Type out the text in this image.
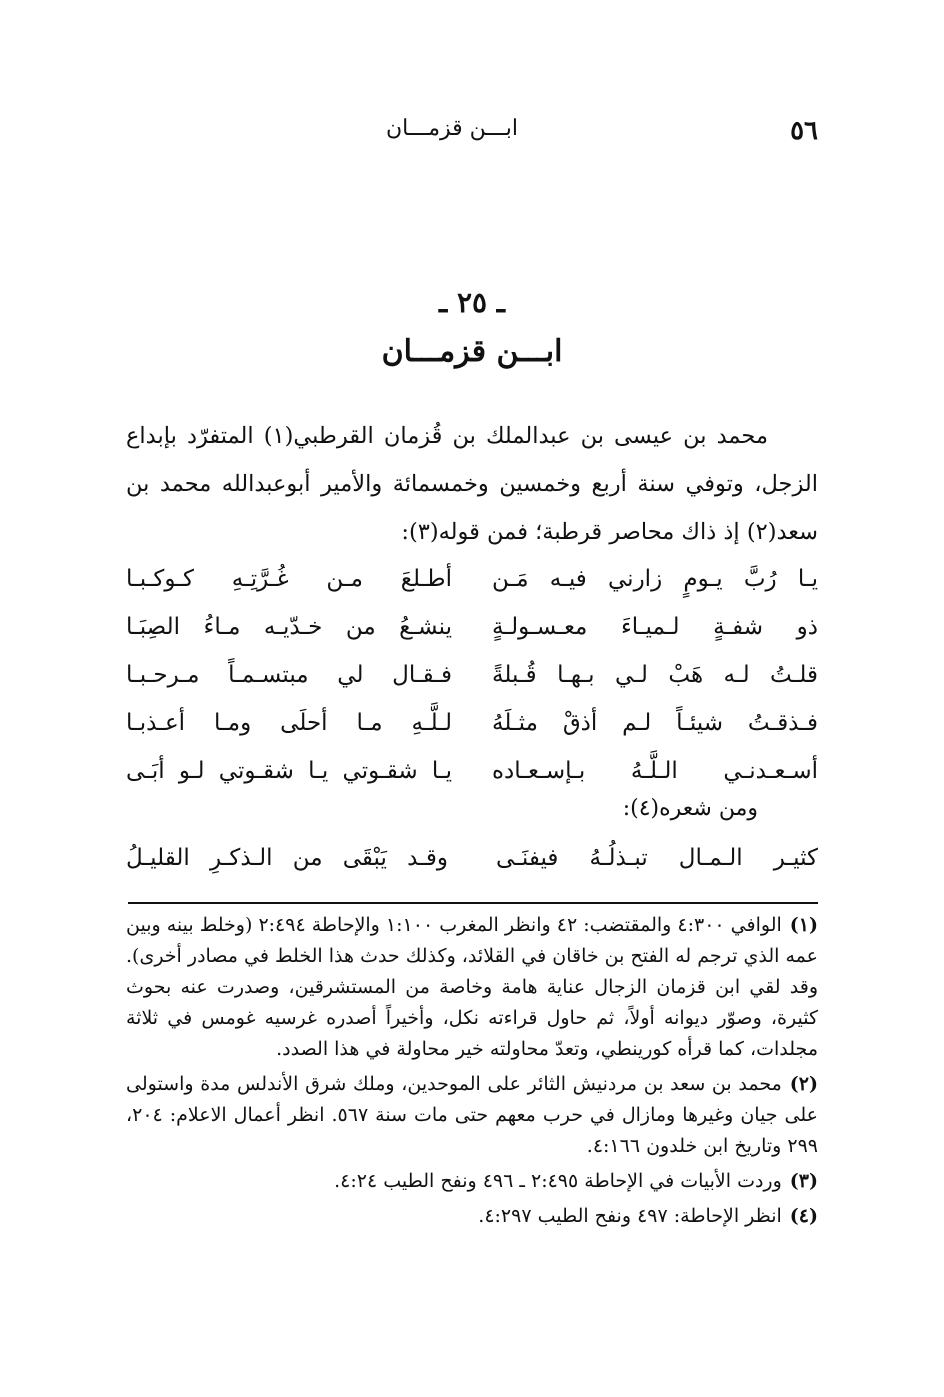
٥٦
ابـــن قزمـــان
ـ ٢٥ ـ
ابـــن قزمـــان
محمد بن عيسى بن عبدالملك بن قُزمان القرطبي(١) المتفرّد بإبداع الزجل، وتوفي سنة أربع وخمسين وخمسمائة والأمير أبوعبدالله محمد بن سعد(٢) إذ ذاك محاصر قرطبة؛ فمن قوله(٣):
يـا رُبَّ يـومٍ زارني فيـه مَـن
أطـلعَ مـن غُـرَّتِـهِ كـوكـبـا
ذو شفـةٍ لـميـاءَ معـسـولـةٍ
ينشـعُ من خـدّيـه مـاءُ الصِبَـا
قلـتُ لـه هَبْ لـي بـهـا قُـبلةً
فـقـال لي مبتسـمـاً مـرحـبـا
فـذقـتُ شيئـاً لـم أذقْ مثـلَهُ
لـلَّـهِ مـا أحلَى ومـا أعـذبـا
أسـعـدنـي الـلَّـهُ بـإسـعـاده
يـا شقـوتي يـا شقـوتي لـو أبَـى
ومن شعره(٤):
كثيـر الـمـال تبـذلُـهُ فيفنَـى
وقـد يَبْقَى من الـذكـرِ القليـلُ
(١)الوافي ٤:٣٠٠ والمقتضب: ٤٢ وانظر المغرب ١:١٠٠ والإحاطة ٢:٤٩٤ (وخلط بينه وبين عمه الذي ترجم له الفتح بن خاقان في القلائد، وكذلك حدث هذا الخلط في مصادر أخرى). وقد لقي ابن قزمان الزجال عناية هامة وخاصة من المستشرقين، وصدرت عنه بحوث كثيرة، وصوّر ديوانه أولاً، ثم حاول قراءته نكل، وأخيراً أصدره غرسيه غومس في ثلاثة مجلدات، كما قرأه كورينطي، وتعدّ محاولته خير محاولة في هذا الصدد.
(٢)محمد بن سعد بن مردنيش الثائر على الموحدين، وملك شرق الأندلس مدة واستولى على جيان وغيرها ومازال في حرب معهم حتى مات سنة ٥٦٧. انظر أعمال الاعلام: ٢٠٤، ٢٩٩ وتاريخ ابن خلدون ٤:١٦٦.
(٣)وردت الأبيات في الإحاطة ٢:٤٩٥ ـ ٤٩٦ ونفح الطيب ٤:٢٤.
(٤)انظر الإحاطة: ٤٩٧ ونفح الطيب ٤:٢٩٧.
